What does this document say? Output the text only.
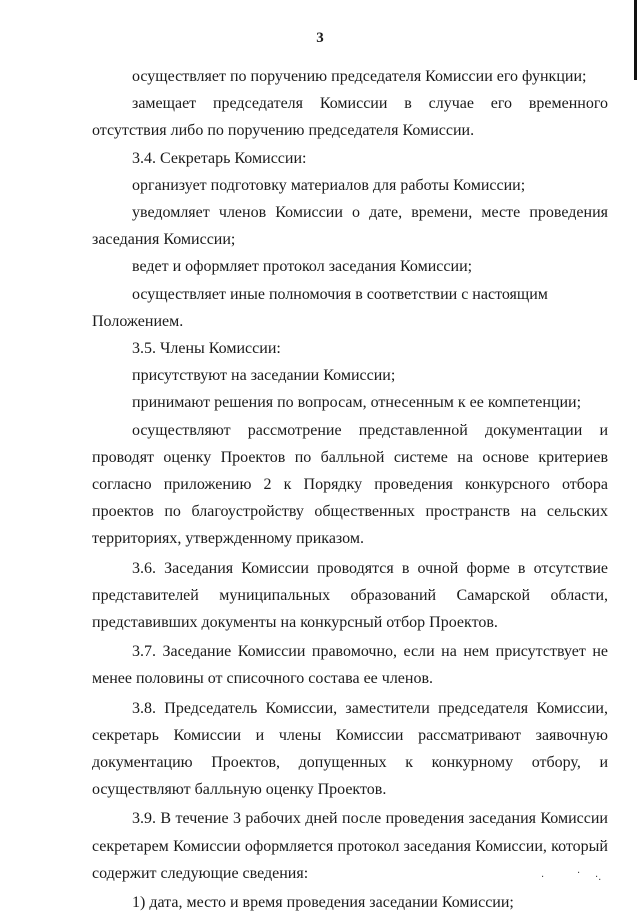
3

осуществляет по поручению председателя Комиссии его функции;

замещает председателя Комиссии в случае его временного отсутствия либо по поручению председателя Комиссии.

3.4. Секретарь Комиссии:

организует подготовку материалов для работы Комиссии;

уведомляет членов Комиссии о дате, времени, месте проведения заседания Комиссии;

ведет и оформляет протокол заседания Комиссии;

осуществляет иные полномочия в соответствии с настоящим Положением.

3.5. Члены Комиссии:

присутствуют на заседании Комиссии;

принимают решения по вопросам, отнесенным к ее компетенции;

осуществляют рассмотрение представленной документации и проводят оценку Проектов по балльной системе на основе критериев согласно приложению 2 к Порядку проведения конкурсного отбора проектов по благоустройству общественных пространств на сельских территориях, утвержденному приказом.

3.6. Заседания Комиссии проводятся в очной форме в отсутствие представителей муниципальных образований Самарской области, представивших документы на конкурсный отбор Проектов.

3.7. Заседание Комиссии правомочно, если на нем присутствует не менее половины от списочного состава ее членов.

3.8. Председатель Комиссии, заместители председателя Комиссии, секретарь Комиссии и члены Комиссии рассматривают заявочную документацию Проектов, допущенных к конкурному отбору, и осуществляют балльную оценку Проектов.

3.9. В течение 3 рабочих дней после проведения заседания Комиссии секретарем Комиссии оформляется протокол заседания Комиссии, который содержит следующие сведения:

1) дата, место и время проведения заседании Комиссии;

·	· ·.
